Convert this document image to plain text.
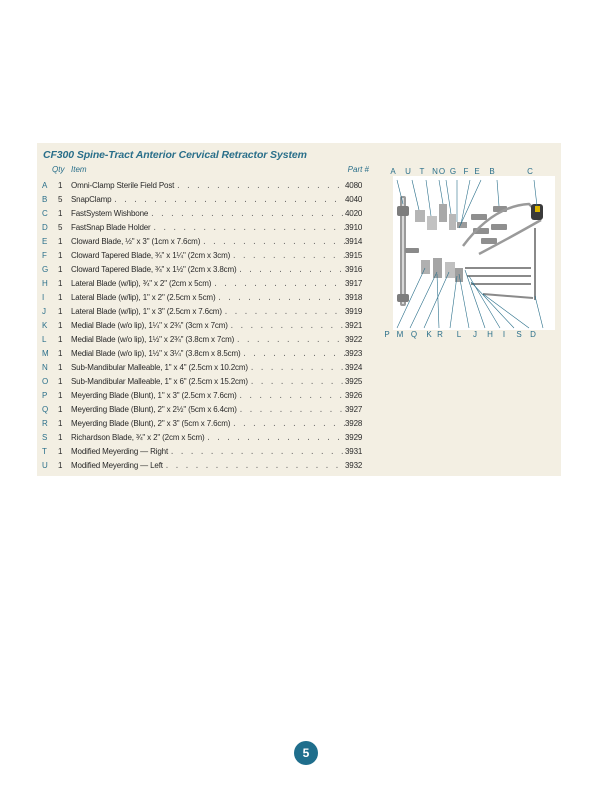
CF300 Spine-Tract Anterior Cervical Retractor System
Qty Item	Part #
A 1 Omni-Clamp Sterile Field Post . . .	4080
B 5 SnapClamp . . .	4040
C 1 FastSystem Wishbone . . .	4020
D 5 FastSnap Blade Holder . . .	3910
E 1 Cloward Blade, ½" x 3" (1cm x 7.6cm) . . .	3914
F 1 Cloward Tapered Blade, ¾" x 1¼" (2cm x 3cm) . . .	3915
G 1 Cloward Tapered Blade, ¾" x 1½" (2cm x 3.8cm) . . .	3916
H 1 Lateral Blade (w/lip), ¾" x 2" (2cm x 5cm) . . .	3917
I 1 Lateral Blade (w/lip), 1" x 2" (2.5cm x 5cm) . . .	3918
J 1 Lateral Blade (w/lip), 1" x 3" (2.5cm x 7.6cm) . . .	3919
K 1 Medial Blade (w/o lip), 1¼" x 2¾" (3cm x 7cm) . . .	3921
L 1 Medial Blade (w/o lip), 1½" x 2¾" (3.8cm x 7cm) . . .	3922
M 1 Medial Blade (w/o lip), 1½" x 3¼" (3.8cm x 8.5cm) . . .	3923
N 1 Sub-Mandibular Malleable, 1" x 4" (2.5cm x 10.2cm) . . .	3924
O 1 Sub-Mandibular Malleable, 1" x 6" (2.5cm x 15.2cm) . . .	3925
P 1 Meyerding Blade (Blunt), 1" x 3" (2.5cm x 7.6cm) . . .	3926
Q 1 Meyerding Blade (Blunt), 2" x 2½" (5cm x 6.4cm) . . .	3927
R 1 Meyerding Blade (Blunt), 2" x 3" (5cm x 7.6cm) . . .	3928
S 1 Richardson Blade, ¾" x 2" (2cm x 5cm) . . .	3929
T 1 Modified Meyerding — Right . . .	3931
U 1 Modified Meyerding — Left . . .	3932
A U	T N O G F E B	C
P M Q K R	L	J	H	I	S D
5
